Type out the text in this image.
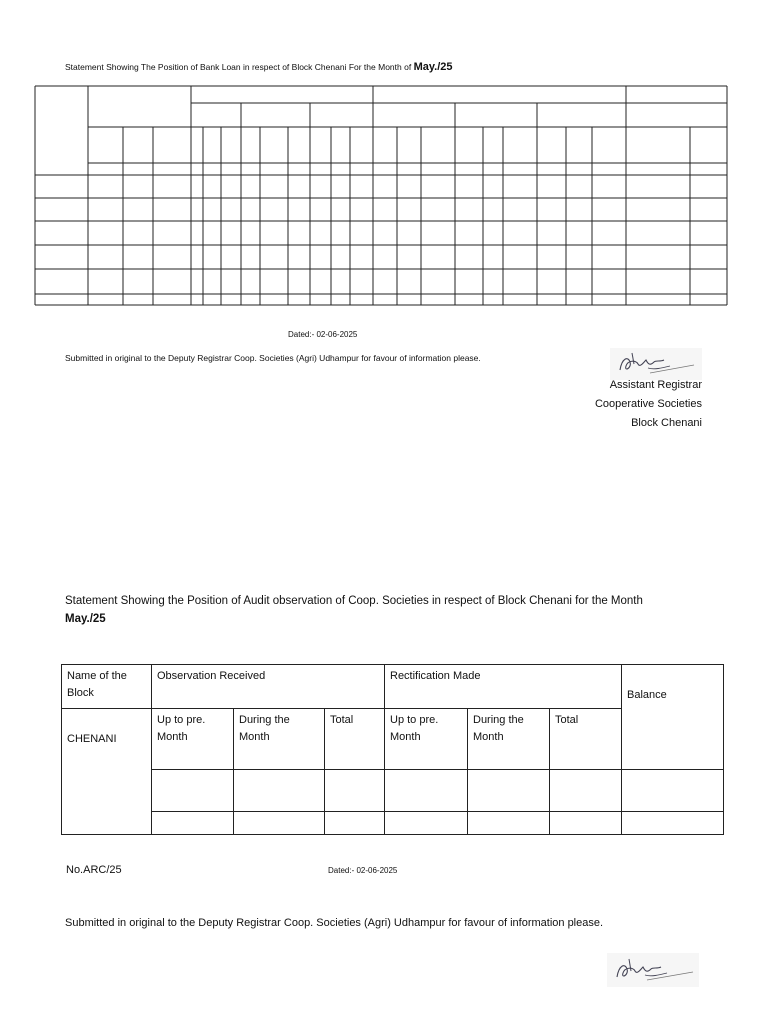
Statement Showing The Position of Bank Loan in respect of Block Chenani For the Month of May./25
Dated:- 02-06-2025
Submitted in original to the Deputy Registrar Coop. Societies (Agri) Udhampur for favour of information please.
Assistant Registrar
Cooperative Societies
Block Chenani
Statement Showing the Position of Audit observation of Coop. Societies in respect of Block Chenani for the Month
May./25
Name of the Block	Observation Received			Rectification Made			Balance
CHENANI	Up to pre. Month	During the Month	Total	Up to pre. Month	During the Month	Total	

No.ARC/25	Dated:- 02-06-2025
Submitted in original to the Deputy Registrar Coop. Societies (Agri) Udhampur for favour of information please.
